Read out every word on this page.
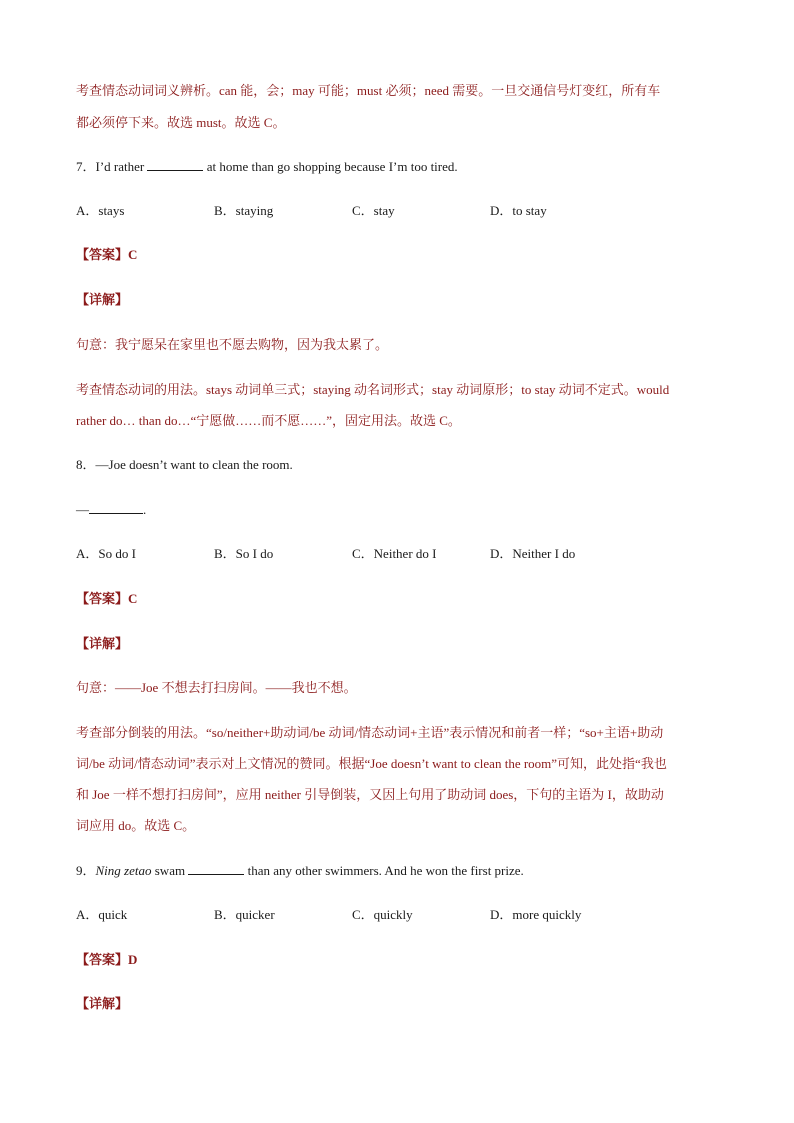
考查情态动词词义辨析。can 能，会；may 可能；must 必须；need 需要。一旦交通信号灯变红，所有车
都必须停下来。故选 must。故选 C。
7．I’d rather	at home than go shopping because I’m too tired.
A．stays	B．staying	C．stay	D．to stay
【答案】C
【详解】
句意：我宁愿呆在家里也不愿去购物，因为我太累了。
考查情态动词的用法。stays 动词单三式；staying 动名词形式；stay 动词原形；to stay 动词不定式。would
rather do… than do…“宁愿做……而不愿……”，固定用法。故选 C。
8．—Joe doesn’t want to clean the room.
—	.
A．So do I	B．So I do	C．Neither do I	D．Neither I do
【答案】C
【详解】
句意：——Joe 不想去打扫房间。——我也不想。
考查部分倒装的用法。“so/neither+助动词/be 动词/情态动词+主语”表示情况和前者一样；“so+主语+助动
词/be 动词/情态动词”表示对上文情况的赞同。根据“Joe doesn’t want to clean the room”可知，此处指“我也
和 Joe 一样不想打扫房间”，应用 neither 引导倒装，又因上句用了助动词 does，下句的主语为 I，故助动
词应用 do。故选 C。
9．Ning zetao swam	than any other swimmers. And he won the first prize.
A．quick	B．quicker	C．quickly	D．more quickly
【答案】D
【详解】
